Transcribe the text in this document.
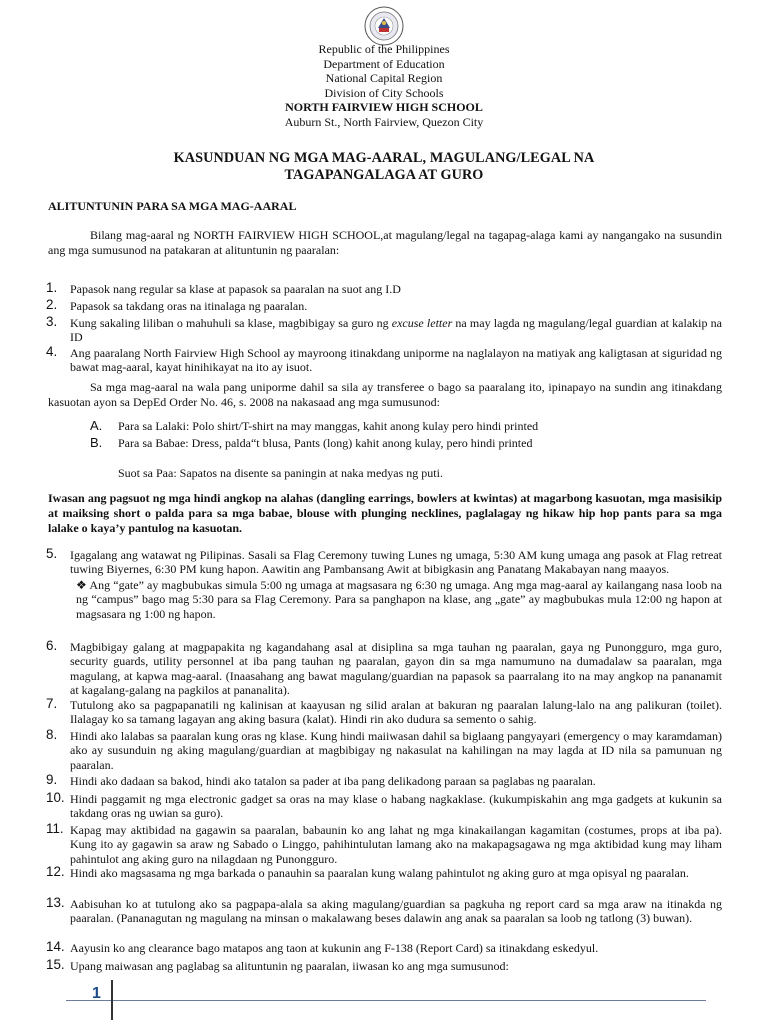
Republic of the Philippines
Department of Education
National Capital Region
Division of City Schools
NORTH FAIRVIEW HIGH SCHOOL
Auburn St., North Fairview, Quezon City
KASUNDUAN NG MGA MAG-AARAL, MAGULANG/LEGAL NA
TAGAPANGALAGA AT GURO
ALITUNTUNIN PARA SA MGA MAG-AARAL
Bilang mag-aaral ng NORTH FAIRVIEW HIGH SCHOOL,at magulang/legal na tagapag-alaga kami ay nangangako na susundin ang mga sumusunod na patakaran at alituntunin ng paaralan:
1. Papasok nang regular sa klase at papasok sa paaralan na suot ang I.D
2. Papasok sa takdang oras na itinalaga ng paaralan.
3. Kung sakaling liliban o mahuhuli sa klase, magbibigay sa guro ng excuse letter na may lagda ng magulang/legal guardian at kalakip na ID
4. Ang paaralang North Fairview High School ay mayroong itinakdang uniporme na naglalayon na matiyak ang kaligtasan at siguridad ng bawat mag-aaral, kayat hinihikayat na ito ay isuot.
Sa mga mag-aaral na wala pang uniporme dahil sa sila ay transferee o bago sa paaralang ito, ipinapayo na sundin ang itinakdang kasuotan ayon sa DepEd Order No. 46, s. 2008 na nakasaad ang mga sumusunod:
A. Para sa Lalaki: Polo shirt/T-shirt na may manggas, kahit anong kulay pero hindi printed
B. Para sa Babae: Dress, palda“t blusa, Pants (long) kahit anong kulay, pero hindi printed
Suot sa Paa: Sapatos na disente sa paningin at naka medyas ng puti.
Iwasan ang pagsuot ng mga hindi angkop na alahas (dangling earrings, bowlers at kwintas) at magarbong kasuotan, mga masisikip at maiksing short o palda para sa mga babae, blouse with plunging necklines, paglalagay ng hikaw hip hop pants para sa mga lalake o kaya’y pantulog na kasuotan.
5. Igagalang ang watawat ng Pilipinas. Sasali sa Flag Ceremony tuwing Lunes ng umaga, 5:30 AM kung umaga ang pasok at Flag retreat tuwing Biyernes, 6:30 PM kung hapon. Aawitin ang Pambansang Awit at bibigkasin ang Panatang Makabayan nang maayos.
❖ Ang “gate” ay magbubukas simula 5:00 ng umaga at magsasara ng 6:30 ng umaga. Ang mga mag-aaral ay kailangang nasa loob na ng “campus” bago mag 5:30 para sa Flag Ceremony. Para sa panghapon na klase, ang „gate” ay magbubukas mula 12:00 ng hapon at magsasara ng 1:00 ng hapon.
6. Magbibigay galang at magpapakita ng kagandahang asal at disiplina sa mga tauhan ng paaralan, gaya ng Punongguro, mga guro, security guards, utility personnel at iba pang tauhan ng paaralan, gayon din sa mga namumuno na dumadalaw sa paaralan, mga magulang, at kapwa mag-aaral. (Inaasahang ang bawat magulang/guardian na papasok sa paarralang ito na may angkop na pananamit at kagalang-galang na pagkilos at pananalita).
7. Tutulong ako sa pagpapanatili ng kalinisan at kaayusan ng silid aralan at bakuran ng paaralan lalung-lalo na ang palikuran (toilet). Ilalagay ko sa tamang lagayan ang aking basura (kalat). Hindi rin ako dudura sa semento o sahig.
8. Hindi ako lalabas sa paaralan kung oras ng klase. Kung hindi maiiwasan dahil sa biglaang pangyayari (emergency o may karamdaman) ako ay susunduin ng aking magulang/guardian at magbibigay ng nakasulat na kahilingan na may lagda at ID nila sa pamunuan ng paaralan.
9. Hindi ako dadaan sa bakod, hindi ako tatalon sa pader at iba pang delikadong paraan sa paglabas ng paaralan.
10. Hindi paggamit ng mga electronic gadget sa oras na may klase o habang nagkaklase. (kukumpiskahin ang mga gadgets at kukunin sa takdang oras ng uwian sa guro).
11. Kapag may aktibidad na gagawin sa paaralan, babaunin ko ang lahat ng mga kinakailangan kagamitan (costumes, props at iba pa). Kung ito ay gagawin sa araw ng Sabado o Linggo, pahihintulutan lamang ako na makapagsagawa ng mga aktibidad kung may liham pahintulot ang aking guro na nilagdaan ng Punongguro.
12. Hindi ako magsasama ng mga barkada o panauhin sa paaralan kung walang pahintulot ng aking guro at mga opisyal ng paaralan.
13. Aabisuhan ko at tutulong ako sa pagpapa-alala sa aking magulang/guardian sa pagkuha ng report card sa mga araw na itinakda ng paaralan. (Pananagutan ng magulang na minsan o makalawang beses dalawin ang anak sa paaralan sa loob ng tatlong (3) buwan).
14. Aayusin ko ang clearance bago matapos ang taon at kukunin ang F-138 (Report Card) sa itinakdang eskedyul.
15. Upang maiwasan ang paglabag sa alituntunin ng paaralan, iiwasan ko ang mga sumusunod:
1
